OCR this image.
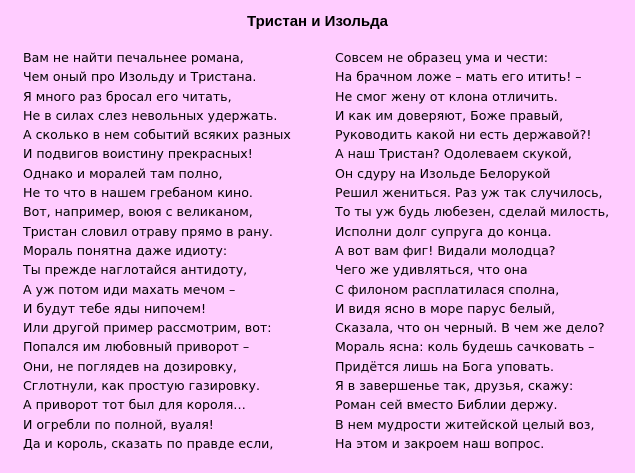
Тристан и Изольда
Вам не найти печальнее романа,
Чем оный про Изольду и Тристана.
Я много раз бросал его читать,
Не в силах слез невольных удержать.
А сколько в нем событий всяких разных
И подвигов воистину прекрасных!
Однако и моралей там полно,
Не то что в нашем гребаном кино.
Вот, например, воюя с великаном,
Тристан словил отраву прямо в рану.
Мораль понятна даже идиоту:
Ты прежде наглотайся антидоту,
А уж потом иди махать мечом –
И будут тебе яды нипочем!
Или другой пример рассмотрим, вот:
Попался им любовный приворот –
Они, не поглядев на дозировку,
Сглотнули, как простую газировку.
А приворот тот был для короля…
И огребли по полной, вуаля!
Да и король, сказать по правде если,
Совсем не образец ума и чести:
На брачном ложе – мать его итить! –
Не смог жену от клона отличить.
И как им доверяют, Боже правый,
Руководить какой ни есть державой?!
А наш Тристан? Одолеваем скукой,
Он сдуру на Изольде Белорукой
Решил жениться. Раз уж так случилось,
То ты уж будь любезен, сделай милость,
Исполни долг супруга до конца.
А вот вам фиг! Видали молодца?
Чего же удивляться, что она
С филоном расплатилася сполна,
И видя ясно в море парус белый,
Сказала, что он черный. В чем же дело?
Мораль ясна: коль будешь сачковать –
Придётся лишь на Бога уповать.
Я в завершенье так, друзья, скажу:
Роман сей вместо Библии держу.
В нем мудрости житейской целый воз,
На этом и закроем наш вопрос.
